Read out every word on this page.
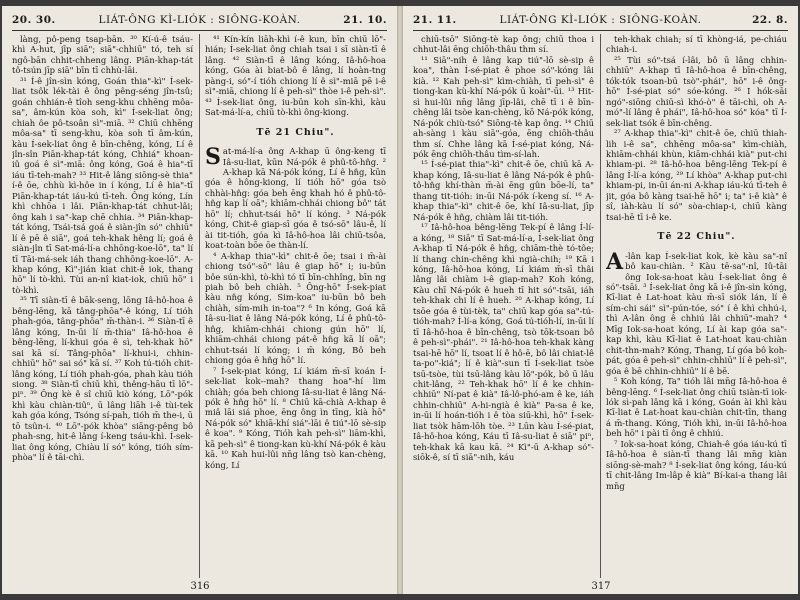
20. 30.	LIÁT-ÔNG KÌ-LIÓK : SIÔNG-KOÀN.	21. 10.

làng, pô-peng tsap-bān. ³⁰ Kí-ú-ê tsáu-khì A-hut, jīp siā"; siā"-chhiū" tó, teh sí ngô-bān chhit-chheng lâng. Piān-khap-tát tô-tsún jīp siā" bīn tī chhù-lāi.

³¹ Í-ê jîn-sìn kóng, Goán thia"-kì" Í-sek-liat tsôk lék-tài ê ông pêng-séng jîn-tsû; goán chhián-ê tîoh seng-khu chhēng môa-sa", âm-kún kòa soh, kì" Í-sek-liat ông; chiah ôe pô-tsoân sì"-miā. ³² Chiū chhēng môa-sa" tī seng-khu, kòa soh tī âm-kún, kàu Í-sek-liat ông ê bīn-chêng, kóng, Lí ê jîn-sîn Piān-khap-tát kóng, Chhiá" khoan-iû goá ê sì"-miā: ông kóng, Goá ê hia"-tī iáu tī-teh-mah? ³³ Hit-ê lâng siōng-sè thia" í-ê ōe, chhù kì-hôe in í kóng, Lí ê hia"-tī Piān-khap-tát iáu-kú tī-teh. Ông kóng, Lín khì chhōa i lâi. Piān-khap-tát chhut-lâi; ông kah i sa"-kap chē chhia. ³⁴ Piān-khap-tát kóng, Tsái-tsá goá ê siàn-jîn só" chhiū" lí ê pē ê siā", goá teh-khak hêng lí; goá ê siàn-jîn tī Sat-má-lí-a chhōng-koe-lō", ta" lí tī Tāi-má-sek iáh thang chhōng-koe-lō". A-khap kóng, Kì"-jián kiat chit-ê iok, thang hō" lí tò-khì. Tùi an-nî kiat-iok, chiū hō" i tò-khì.

³⁵ Tī siàn-tī ê bāk-seng, lōng Iâ-hô-hoa ê bêng-lēng, kā tâng-phōa"-ê kóng, Lí tióh phah-góa, tâng-phōa" m̄-thàn-i. ³⁶ Siàn-tī ê lâng kóng, In-ūi lí m̄-thia" Iâ-hô-hoa ê bêng-lēng, lí-khui góa ê sì, teh-khak hō" sai kā sí. Tâng-phōa" lí-khui-i, chhin-chhiū" hō" sai só" kā sí. ³⁷ Koh tú-tióh chit-lâng kóng, Lí tióh phah-góa, phah kàu tióh siong. ³⁸ Siàn-tī chiū khì, thêng-hāu tī lō"-piⁿ. ³⁹ Ông kè ê sî chiū kiò kóng, Lō"-pók khì kàu chiàn-tiûⁿ, ū lâng liāh i-ê tùi-tek kah góa kóng, Tsóng sí-pah, tióh m̄ the-i, ū tō tsûn-i. ⁴⁰ Lō"-pók khòa" siāng-pêng bô phah-sng, hit-ê lâng í-keng tsáu-khì. Í-sek-liat ông kóng, Chiàu lí só" kóng, tióh sím-phòa" lí ê tāi-chì.

⁴¹ Kín-kín liāh-khì í-ê kun, bīn chiū lō"-hián; Í-sek-liat ông chiah tsai i sī siàn-tī ê lâng. ⁴² Siàn-tī ê lâng kóng, Iâ-hô-hoa kóng, Góa ài biat-bô ê lâng, lí hoàn-tng pàng-i, só"-í tióh chiong lí ê sì"-miā pē i-ê sì"-miā, chiong lí ê peh-sì" thòe i-ê peh-sì". ⁴³ Í-sek-liat ông, iu-būn koh sīn-khì, kàu Sat-má-lí-a, chiū tò-khì ông-kiong.

Tē 21 Chiu".

Sat-má-lí-a ông A-khap ū ông-keng tī Iâ-su-liat, kūn Ná-pók ê phû-tô-hn̂g. ² A-khap kā Ná-pók kóng, Lí ê hn̂g, kūn góa ê hông-kiong, lí tióh hō" góa tsò chhài-hn̂g: góa beh ēng khah hó ê phû-tô-hn̂g kap lí oā"; khiām-chhái chiong bô" tát hō" lí; chhut-tsái hō" lí kóng. ³ Ná-pók kóng, Chit-ê giap-sī góa ê tsó-sō" lâu-ê, lí ài tit-tióh, góa kì Iâ-hô-hoa lâi chiū-tsôa, koat-toàn bōe ōe thàn-lí.

⁴ A-khap thia"-kì" chit-ê ōe; tsai i m̄-ài chiong tsó"-sō" lâu ê giap hō" i; iu-būn bôe sún-khì, tò-khì tó tī bīn-chhîng, bīn ng piah bô beh chiàh. ⁵ Ông-hō" Í-sek-piat kàu nn̂g kóng, Sim-koa" iu-būn bô beh chiàh, sím-mih in-toa"? ⁶ In kóng, Goá kā Iâ-su-liat ê lâng Ná-pók kóng, Lí ê phû-tô-hn̂g, khiām-chhái chiong gún hō" lí, khiām-chhái chiong pát-ê hn̂g kā lí oā"; chhut-tsái lí kóng; i m̄ kóng, Bô beh chiong góa ê hn̂g hō" lí.

⁷ Í-sek-piat kóng, Lí kiám m̄-sī koán Í-sek-liat kok--mah? thang hoa"-hí lim chiàh; góa beh chiong Iâ-su-liat ê lâng Ná-pók ê hn̂g hō" lí. ⁸ Chiū kā-chià A-khap ê miâ lāi siá phoe, ēng ông ìn tīng, kià hō" Ná-pók só" khiā-khí siá"-lāi ê tiú"-lō sè-sip ê koa". ⁹ Kóng, Tióh kah peh-sì" liām-khì, kā peh-sì" ê tiong-kan kù-khí Ná-pók ê kàu kā. ¹⁰ Kah hui-lûi nn̄g lâng tsò kan-chèng, kóng, Lí

316
21. 11.	LIÁT-ÔNG KÌ-LIÓK : SIÔNG-KOÀN.	22. 8.

chiū-tsō" Siōng-tè kap ông; chiū thoa i chhut-lâi ēng chiōh-thâu thm sí.

¹¹ Siā"-nih ê lâng kap tiú"-lō sè-sip ê koa", thàn Í-sé-piat ê phoe só"-kóng lâi kià. ¹² Kah peh-sì" kìm-chiàh, tī peh-sì" ê tiong-kan kù-khí Ná-pók ū koài"-ūi. ¹³ Hit-sì hui-lûi nn̄g lâng jīp-lâi, chē tī i ê bīn-chêng lâi tsòe kan-chèng, kō Ná-pók kóng, Ná-pók chiù-tsó" Siōng-tè kap ông. ¹⁴ Chiū ah-sàng i kàu siā"-góa, ēng chiōh-thâu thm sí. Chhe lâng kā Í-sé-piat kóng, Ná-pók ēng chiōh-thâu tìm-sí-lah.

¹⁵ Í-sé-piat thia"-kì" chit-ê ōe, chiū kā A-khap kóng, Iâ-su-liat ê lâng Ná-pók ê phû-tô-hn̂g khí-thàn m̄-ài ēng gûn bōe-lí, ta" thang tit-tióh: in-ūi Ná-pók í-keng sí. ¹⁶ A-khap thia"-kì" chit-ê ōe, khí Iâ-su-liat, jīp Ná-pók ê hn̂g, chiàm lâi tit-tióh.

¹⁷ Iâ-hô-hoa bêng-lēng Tek-pí ê lâng Í-lí-a kóng, ¹⁸ Siā" tī Sat-má-lí-a, Í-sek-liat ông A-khap tī Ná-pók ê hn̂g, chiām-thè tó-tôe; lí thang chin-chêng khì ngià-chih; ¹⁹ Kā i kóng, Iâ-hô-hoa kóng, Lí kiám m̄-sī thâi lâng lâi chiàm i-ê giap-mah? Koh kóng, Kàu chī Ná-pók ê hueh tī hit só"-tsāi, iáh teh-khak chi lí ê hueh. ²⁰ A-khap kóng, Lí tsōe góa ê tùi-tèk, ta" chiū kap góa sa"-tú-tióh-mah? Í-lí-a kóng, Goá tú-tióh-lí, in-ūi lí tī Iâ-hô-hoa ê bīn-chêng, tsò tōk-tsoan bô ê peh-sì"-phái". ²¹ Iâ-hô-hoa teh-khak kàng tsai-hē hō" lí, tsoat lí ê hô-ē, bô lâi chiat-lê ta-po"-kiá"; lí ê kià"-sun tī Í-sek-liat tsòe tsū-tsòe, tùi tsū-lâng kàu lō"-pók, bô ū lâu chit-lâng, ²² Teh-khak hō" lí ê ke chhin-chhiū" Ní-pat ê kià" Iâ-lô-phó-am ê ke, iáh chhin-chhiū" A-hi-ngià ê kià" Pa-sa ê ke, in-ūi lí hoán-tióh i ê tòa siū-khì, hō" Í-sek-liat tsòk hām-lōh tòe. ²³ Lūn kàu Í-sé-piat, Iâ-hô-hoa kóng, Káu tī Iâ-su-liat ê siā" piⁿ, teh-khak kā kau kā. ²⁴ Kì"-ū A-khap só"-siōk-ê, sí tī siā"-nih, káu

teh-khak chiah; sí tī khòng-iá, pe-chiáu chiah-i.

²⁵ Tùi só"-tsá í-lâi, bô ū lâng chhin-chhiū" A-khap tī Iâ-hô-hoa ê bīn-chêng, tók-tók tsoan-bū tsò"-phái", hō" i-ê ông-hō" Í-sé-piat só" sóe-kóng. ²⁶ I hók-sāi ngó"-siōng chiū-sì khó-ò" ê tāi-chì, oh A-mó"-lí lâng ê phái", Iâ-hô-hoa só" kóa" tī Í-sek-liat tsók ê bīn-chêng.

²⁷ A-khap thia"-kì" chit-ê ōe, chiū thiah-lih i-ê sa", chhēng môa-sa" kìm-chiàh, khiām-chhái khùn, kiām-chhái kià" put-chi khiam-pi. ²⁸ Iâ-hô-hoa bêng-lēng Tek-pí ê lâng Í-lí-a kóng, ²⁹ Lí khòa" A-khap put-chi khiam-pi, in-ūi án-ni A-khap iáu-kú tī-teh ê jit, góa bô kàng tsai-hē hō" i; ta" i-ê kià" ê sî, iàh-kàu lí só" sòa-chiap-i, chiū kàng tsai-hē tī i-ê ke.

Tē 22 Chiu".

A -lân kap Í-sek-liat kok, kè kàu sa"-nî bô kau-chiàn. ² Kàu tē-sa"-nî, Iû-tāi ông Iok-sa-hoat kàu Í-sek-liat ông ê só"-tsāi. ³ Í-sek-liat ông kā i-ê jîn-sìn kóng, Kī-liat ê Lat-hoat kàu m̄-sī siók lán, lí ê sím-chi sái" sì"-pún-tóe, só" í ê khì chhú-i, thì A-lân ông ê chhiú lâi chhiū"-mah? ⁴ Mīg Iok-sa-hoat kóng, Lí ài kap góa sa"-kap khì, kàu Kī-liat ê Lat-hoat kau-chiàn chit-thn-mah? Kóng, Thang, Lí góa bô koh-pát, góa ê peh-sì" chhin-chhiū" lí ê peh-sì", góa ê bē chhin-chhiū" lí ê bē.

⁵ Koh kóng, Ta" tióh lâi mn̄g Iâ-hô-hoa ê bêng-lēng. ⁶ Í-sek-liat ông chiū tsiàn-tī iok-lók sì-pah lâng kā i kóng, Goán ài khì kàu Kī-liat ê Lat-hoat kau-chiàn chit-tīn, thang á m̄-thang. Kóng, Tióh khì, in-ūi Iâ-hô-hoa beh hō" i pài tī ông ê chhiú.

⁷ Iok-sa-hoat kóng, Chiah-ê góa iáu-kú tī Iâ-hô-hoa ê siàn-tī thang lâi mn̄g kiàn siōng-sè-mah? ⁸ Í-sek-liat ông kóng, Iáu-kú tī chit-lâng Im-lâp ê kià" Bí-kai-a thang lâi mn̄g

317
